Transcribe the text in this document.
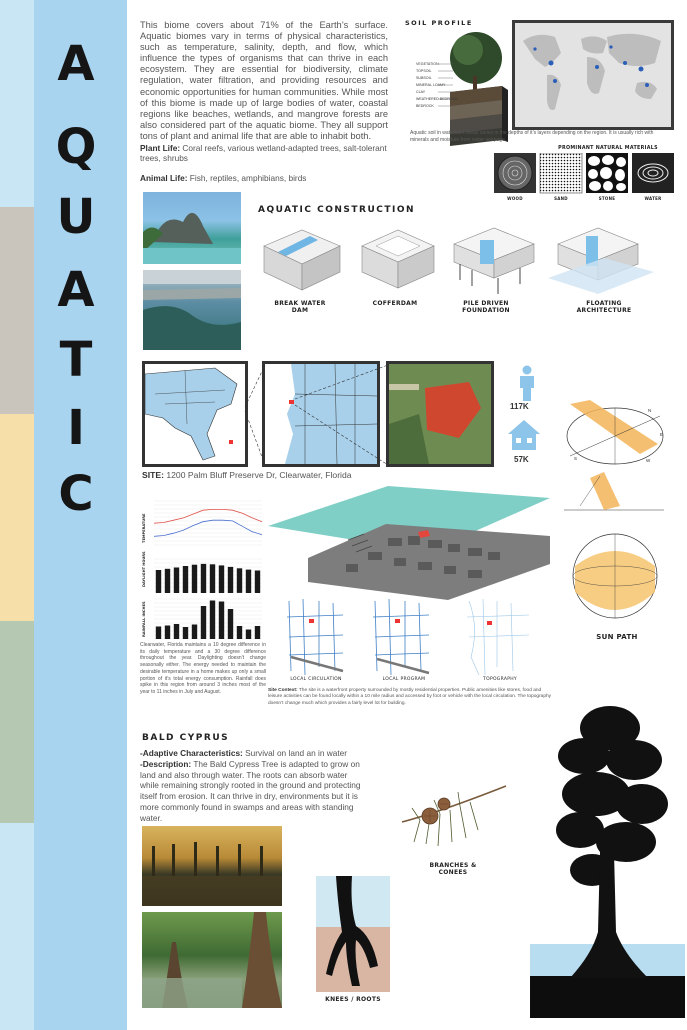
A
Q
U
A
T
I
C
This biome covers about 71% of the Earth’s surface. Aquatic biomes vary in terms of physical characteristics, such as temperature, salinity, depth, and flow, which influence the types of organisms that can thrive in each ecosystem. They are essential for biodiversity, climate regulation, water filtration, and providing resources and economic opportunities for human communities. While most of this biome is made up of large bodies of water, coastal regions like beaches, wetlands, and mangrove forests are also considered part of the aquatic biome. They all support tons of plant and animal life that are able to inhabit both.
Plant Life: Coral reefs, various wetland-adapted trees, salt-tolerant trees, shrubs
Animal Life: Fish, reptiles, amphibians, birds
SOIL PROFILE
VEGETATION
TOPSOIL
SUBSOIL
MINERAL LOAMY
CLAY
WEATHERED BEDROCK
BEDROCK
Aquatic soil in waterfront areas varies in the depths of it’s layers depending on the region. It is usually rich with minerals and moisture from water seepage.
PROMINANT NATURAL MATERIALS
WOOD	SAND	STONE	WATER
AQUATIC CONSTRUCTION
BREAK WATER
DAM
COFFERDAM	PILE DRIVEN
FOUNDATION
FLOATING
ARCHITECTURE
117K
57K
N
E
S	W
SUN PATH
SITE: 1200 Palm Bluff Preserve Dr, Clearwater, Florida
TEMPERATURE
DAYLIGHT HOURS
RAINFALL INCHES
Clearwater, Florida maintains a 10 degree difference in its daily temperature and a 30 degree difference throughout the year. Daylighting doesn’t change seasonally either. The energy needed to maintain the desirable temperature in a home makes up only a small portion of it’s total energy consumption. Rainfall does spike in this region from around 3 inches most of the year to 11 inches in July and August.
LOCAL CIRCULATION	LOCAL PROGRAM	TOPOGRAPHY
Site Context: The site is a waterfront property surrounded by mostly residential properties. Public amenities like stores, food and leisure activities can be found locally within a 10 mile radius and accessed by foot or vehicle with the local circulation. The topography doesn’t change much which provides a fairly level lot for building.
BALD CYPRUS
-Adaptive Characteristics: Survival on land an in water
-Description: The Bald Cypress Tree is adapted to grow on land and also through water. The roots can absorb water while remaining strongly rooted in the ground and protecting itself from erosion. It can thrive in dry, environments but it is more commonly found in swamps and areas with standing water.
BRANCHES &
CONEES
KNEES / ROOTS
